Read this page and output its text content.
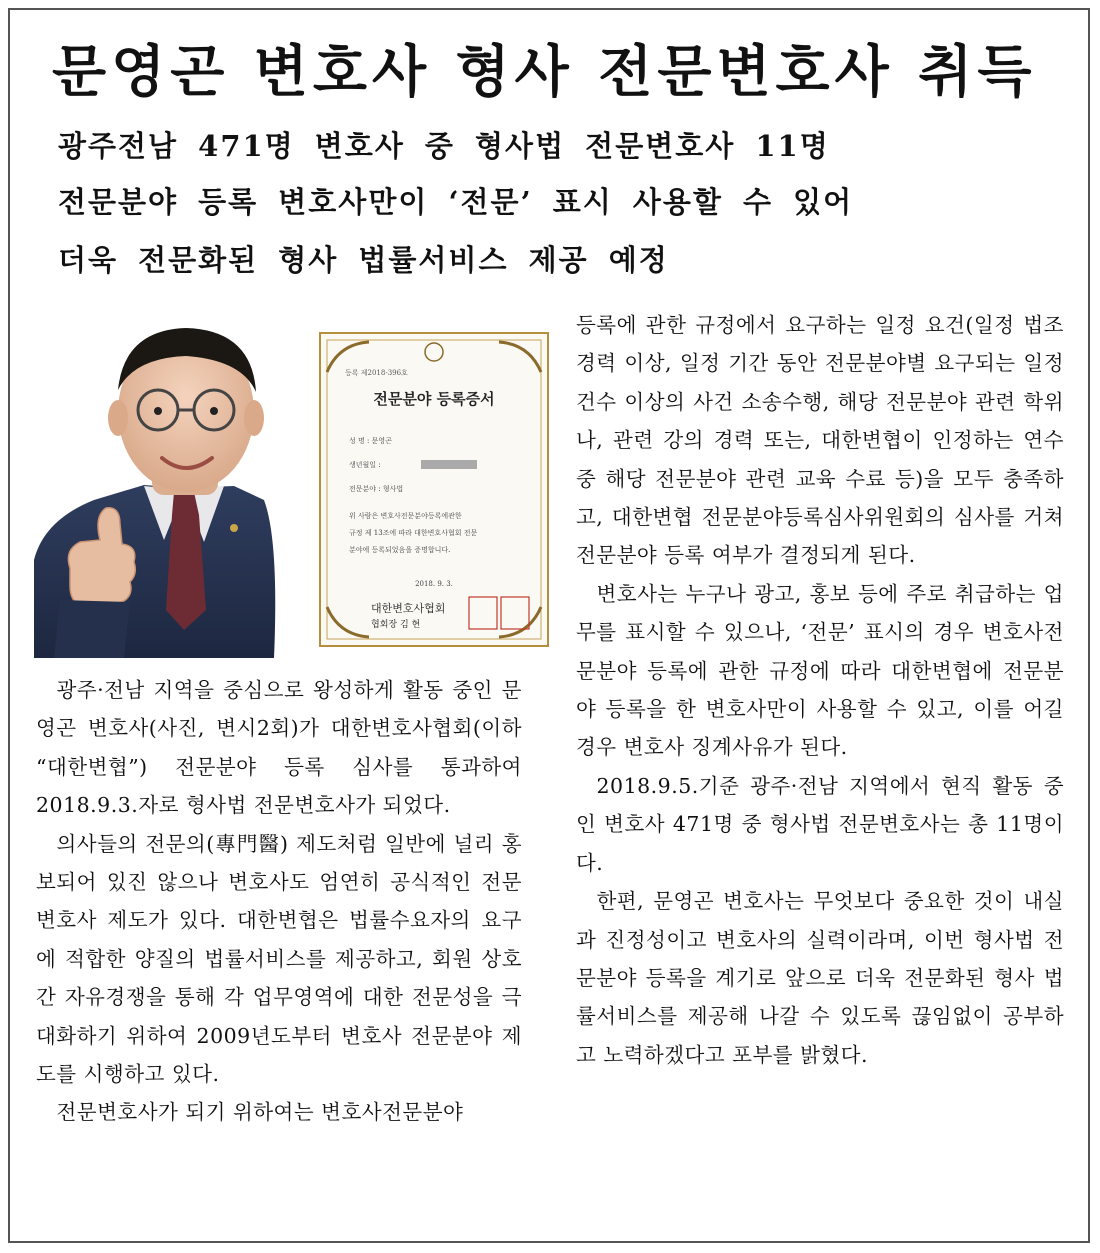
문영곤 변호사 형사 전문변호사 취득
광주전남 471명 변호사 중 형사법 전문변호사 11명
전문분야 등록 변호사만이 ‘전문’ 표시 사용할 수 있어
더욱 전문화된 형사 법률서비스 제공 예정
등록 제2018-396호
전문분야 등록증서
성 명 : 문영곤
생년월일 :
전문분야 : 형사법
위 사람은 변호사전문분야등록에관한
규정 제 13조에 따라 대한변호사협회 전문
분야에 등록되었음을 증명합니다.
2018. 9. 3.
대한변호사협회
협회장 김 현

광주·전남 지역을 중심으로 왕성하게 활동 중인 문영곤 변호사(사진, 변시2회)가 대한변호사협회(이하 “대한변협”) 전문분야 등록 심사를 통과하여 2018.9.3.자로 형사법 전문변호사가 되었다.

의사들의 전문의(專門醫) 제도처럼 일반에 널리 홍보되어 있진 않으나 변호사도 엄연히 공식적인 전문변호사 제도가 있다. 대한변협은 법률수요자의 요구에 적합한 양질의 법률서비스를 제공하고, 회원 상호 간 자유경쟁을 통해 각 업무영역에 대한 전문성을 극대화하기 위하여 2009년도부터 변호사 전문분야 제도를 시행하고 있다.

전문변호사가 되기 위하여는 변호사전문분야

등록에 관한 규정에서 요구하는 일정 요건(일정 법조경력 이상, 일정 기간 동안 전문분야별 요구되는 일정 건수 이상의 사건 소송수행, 해당 전문분야 관련 학위나, 관련 강의 경력 또는, 대한변협이 인정하는 연수 중 해당 전문분야 관련 교육 수료 등)을 모두 충족하고, 대한변협 전문분야등록심사위원회의 심사를 거쳐 전문분야 등록 여부가 결정되게 된다.

변호사는 누구나 광고, 홍보 등에 주로 취급하는 업무를 표시할 수 있으나, ‘전문’ 표시의 경우 변호사전문분야 등록에 관한 규정에 따라 대한변협에 전문분야 등록을 한 변호사만이 사용할 수 있고, 이를 어길 경우 변호사 징계사유가 된다.

2018.9.5.기준 광주·전남 지역에서 현직 활동 중인 변호사 471명 중 형사법 전문변호사는 총 11명이다.

한편, 문영곤 변호사는 무엇보다 중요한 것이 내실과 진정성이고 변호사의 실력이라며, 이번 형사법 전문분야 등록을 계기로 앞으로 더욱 전문화된 형사 법률서비스를 제공해 나갈 수 있도록 끊임없이 공부하고 노력하겠다고 포부를 밝혔다.
